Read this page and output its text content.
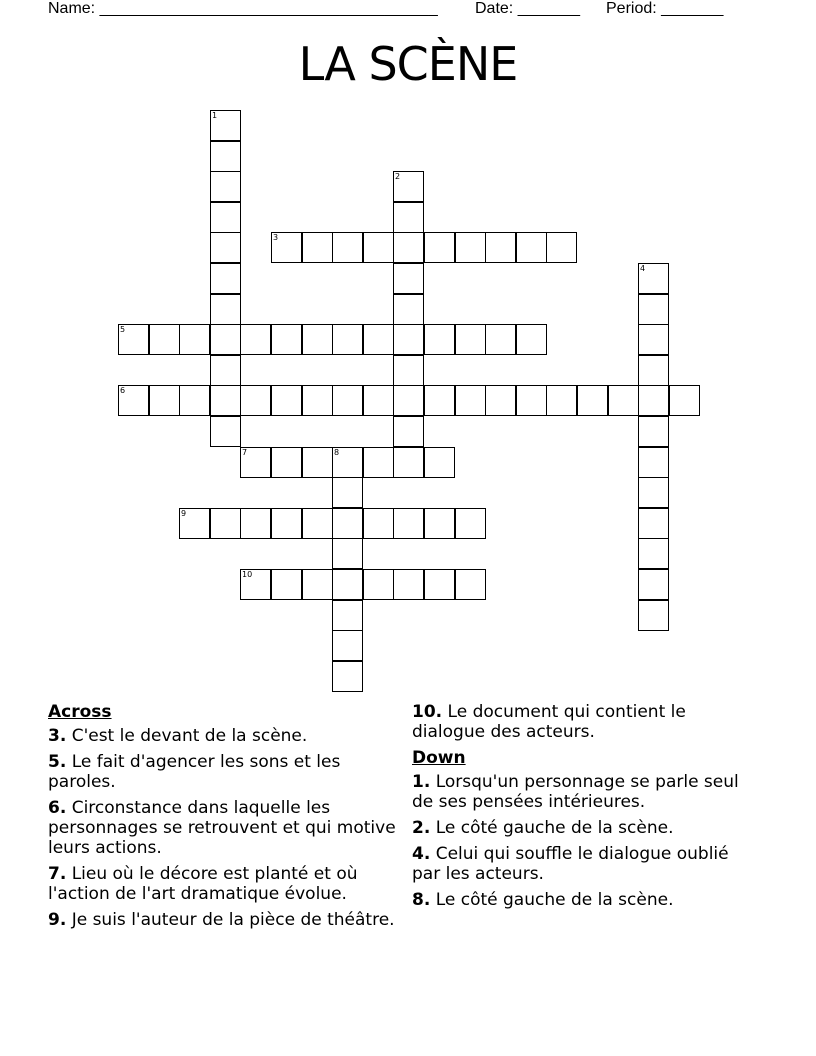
Name: ______________________________________ Date: _______ Period: _______
LA SCÈNE
1
2
3
4
5
6
7	8
9
10
Across
3. C'est le devant de la scène.
5. Le fait d'agencer les sons et les paroles.
6. Circonstance dans laquelle les personnages se retrouvent et qui motive leurs actions.
7. Lieu où le décore est planté et où l'action de l'art dramatique évolue.
9. Je suis l'auteur de la pièce de théâtre.
10. Le document qui contient le dialogue des acteurs.
Down
1. Lorsqu'un personnage se parle seul de ses pensées intérieures.
2. Le côté gauche de la scène.
4. Celui qui souffle le dialogue oublié par les acteurs.
8. Le côté gauche de la scène.
